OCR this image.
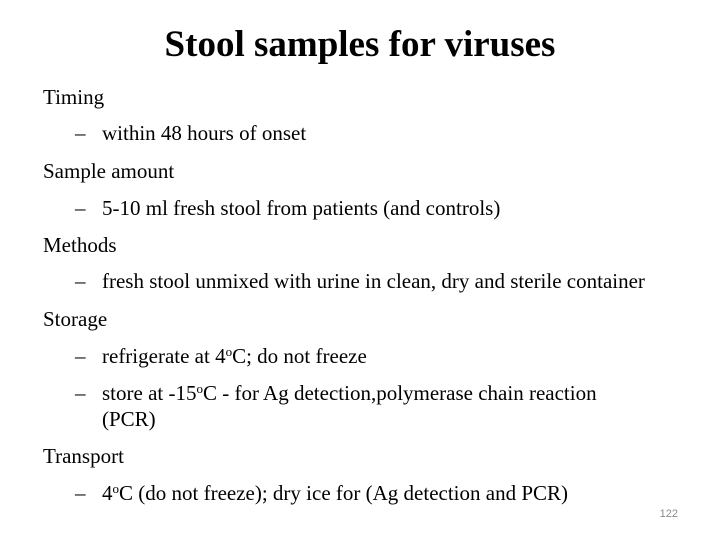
Stool samples for viruses
Timing
– within 48 hours of onset
Sample amount
– 5-10 ml fresh stool from patients (and controls)
Methods
– fresh stool unmixed with urine in clean, dry and sterile container
Storage
– refrigerate at 4$^o$C; do not freeze
– store at -15$^o$C - for Ag detection,polymerase chain reaction
(PCR)
Transport
– 4$^o$C (do not freeze); dry ice for (Ag detection and PCR)
122
